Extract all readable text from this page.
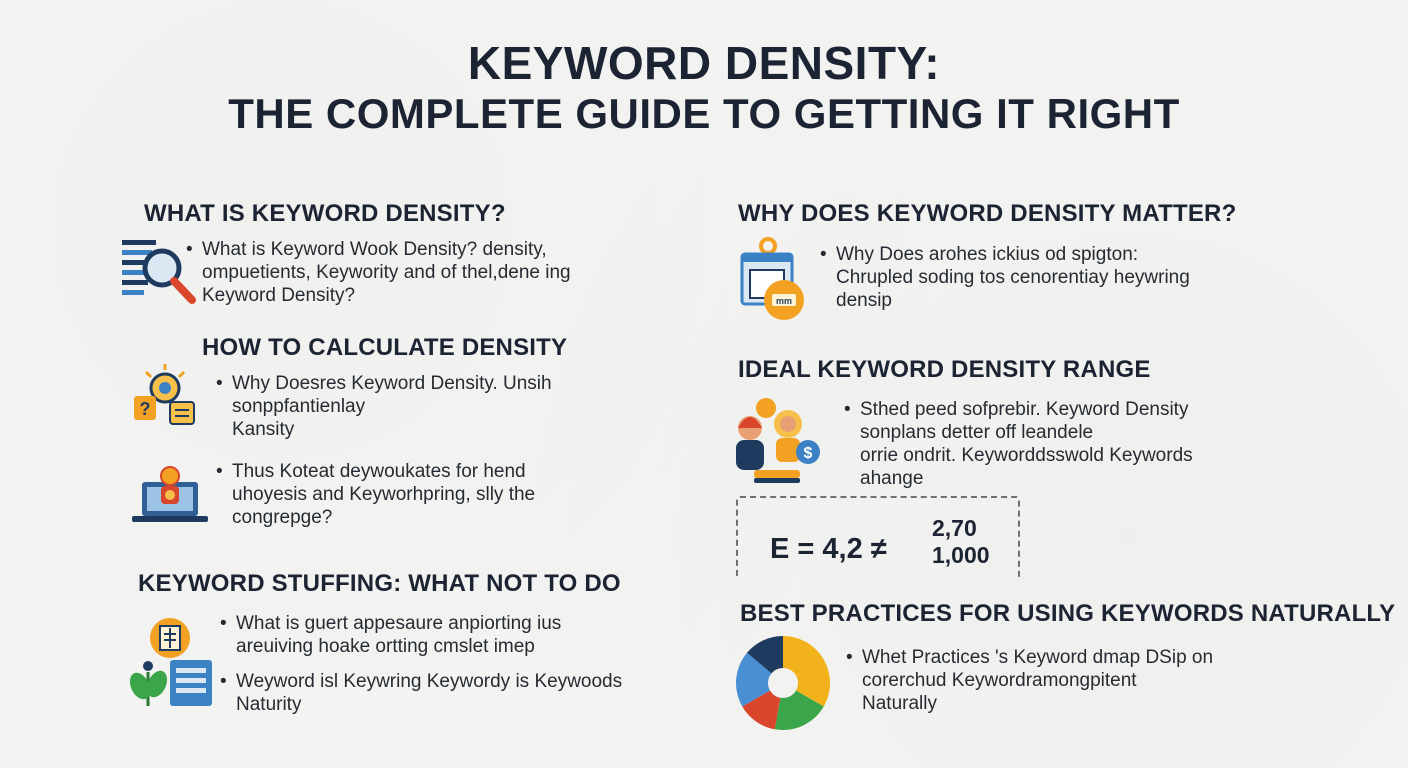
KEYWORD DENSITY:
THE COMPLETE GUIDE TO GETTING IT RIGHT
WHAT IS KEYWORD DENSITY?
• What is Keyword Wook Density? density,
ompuetients, Keywority and of thel,dene ing
Keyword Density?
HOW TO CALCULATE DENSITY
?
• Why Doesres Keyword Density. Unsih
sonppfantienlay
Kansity
• Thus Koteat deywoukates for hend
uhoyesis and Keyworhpring, slly the
congrepge?
KEYWORD STUFFING: WHAT NOT TO DO
• What is guert appesaure anpiorting ius
areuiving hoake ortting cmslet imep
• Weyword isl Keywring Keywordy is Keywoods
Naturity
WHY DOES KEYWORD DENSITY MATTER?
mm
• Why Does arohes ickius od spigton:
Chrupled soding tos cenorentiay heywring
densip
IDEAL KEYWORD DENSITY RANGE
$
• Sthed peed sofprebir. Keyword Density
sonplans detter off leandele
orrie ondrit. Keyworddsswold Keywords
ahange
E = 4,2 ≠
2,70
1,000
BEST PRACTICES FOR USING KEYWORDS NATURALLY
• Whet Practices 's Keyword dmap DSip on
corerchud Keywordramongpitent
Naturally
